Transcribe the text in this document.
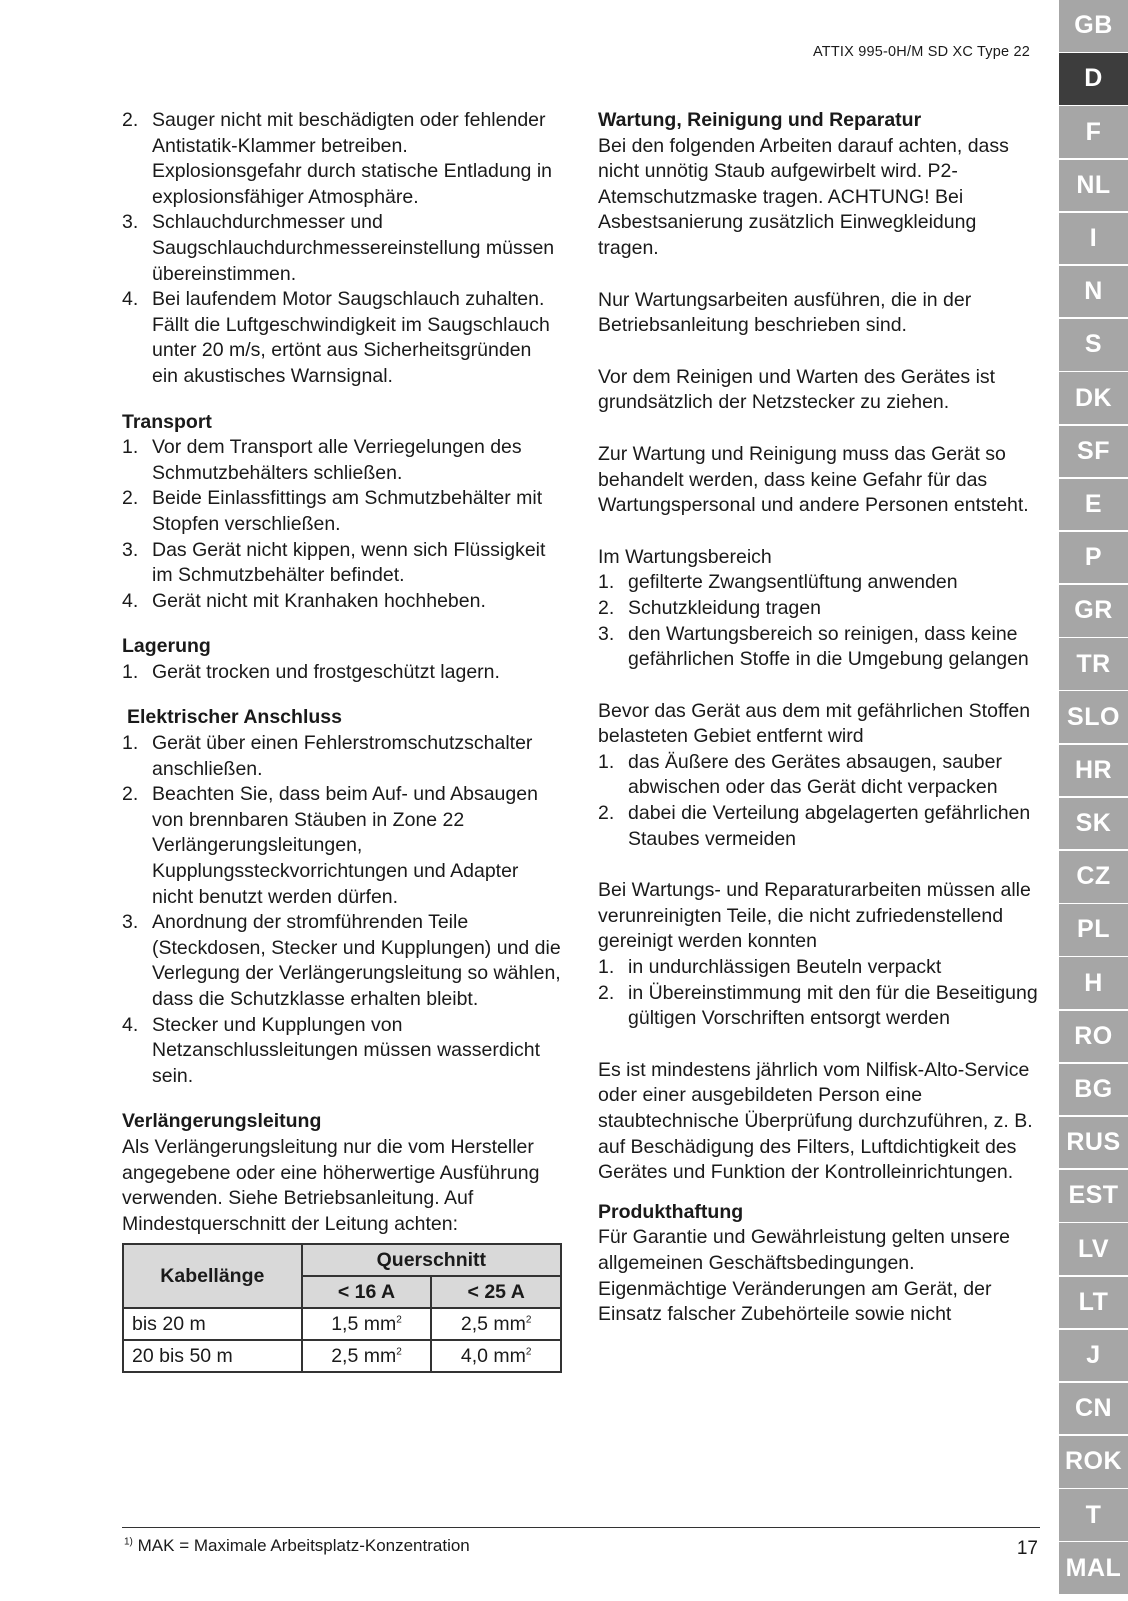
ATTIX 995-0H/M SD XC Type 22
2. Sauger nicht mit beschädigten oder fehlender Antistatik-Klammer betreiben. Explosionsgefahr durch statische Entladung in explosionsfähiger Atmosphäre.
3. Schlauchdurchmesser und Saugschlauchdurchmessereinstellung müssen übereinstimmen.
4. Bei laufendem Motor Saugschlauch zuhalten. Fällt die Luftgeschwindigkeit im Saugschlauch unter 20 m/s, ertönt aus Sicherheitsgründen ein akustisches Warnsignal.

Transport

1. Vor dem Transport alle Verriegelungen des Schmutzbehälters schließen.
2. Beide Einlassfittings am Schmutzbehälter mit Stopfen verschließen.
3. Das Gerät nicht kippen, wenn sich Flüssigkeit im Schmutzbehälter befindet.
4. Gerät nicht mit Kranhaken hochheben.

Lagerung

1. Gerät trocken und frostgeschützt lagern.

Elektrischer Anschluss

1. Gerät über einen Fehlerstromschutzschalter anschließen.
2. Beachten Sie, dass beim Auf- und Absaugen von brennbaren Stäuben in Zone 22 Verlängerungsleitungen, Kupplungssteckvorrichtungen und Adapter nicht benutzt werden dürfen.
3. Anordnung der stromführenden Teile (Steckdosen, Stecker und Kupplungen) und die Verlegung der Verlängerungsleitung so wählen, dass die Schutzklasse erhalten bleibt.
4. Stecker und Kupplungen von Netzanschlussleitungen müssen wasserdicht sein.

Verlängerungsleitung

Als Verlängerungsleitung nur die vom Hersteller angegebene oder eine höherwertige Ausführung verwenden. Siehe Betriebsanleitung. Auf Mindestquerschnitt der Leitung achten:

Kabellänge	Querschnitt	
	< 16 A	< 25 A
bis 20 m	1,5 $mm^2$	2,5 $mm^2$
20 bis 50 m	2,5 $mm^2$	4,0 $mm^2$

Wartung, Reinigung und Reparatur

Bei den folgenden Arbeiten darauf achten, dass nicht unnötig Staub aufgewirbelt wird. P2-Atemschutzmaske tragen. ACHTUNG! Bei Asbestsanierung zusätzlich Einwegkleidung tragen.

Nur Wartungsarbeiten ausführen, die in der Betriebsanleitung beschrieben sind.

Vor dem Reinigen und Warten des Gerätes ist grundsätzlich der Netzstecker zu ziehen.

Zur Wartung und Reinigung muss das Gerät so behandelt werden, dass keine Gefahr für das Wartungspersonal und andere Personen entsteht.

Im Wartungsbereich

1. gefilterte Zwangsentlüftung anwenden
2. Schutzkleidung tragen
3. den Wartungsbereich so reinigen, dass keine gefährlichen Stoffe in die Umgebung gelangen

Bevor das Gerät aus dem mit gefährlichen Stoffen belasteten Gebiet entfernt wird

1. das Äußere des Gerätes absaugen, sauber abwischen oder das Gerät dicht verpacken
2. dabei die Verteilung abgelagerten gefährlichen Staubes vermeiden

Bei Wartungs- und Reparaturarbeiten müssen alle verunreinigten Teile, die nicht zufriedenstellend gereinigt werden konnten

1. in undurchlässigen Beuteln verpackt
2. in Übereinstimmung mit den für die Beseitigung gültigen Vorschriften entsorgt werden

Es ist mindestens jährlich vom Nilfisk-Alto-Service oder einer ausgebildeten Person eine staubtechnische Überprüfung durchzuführen, z. B. auf Beschädigung des Filters, Luftdichtigkeit des Gerätes und Funktion der Kontrolleinrichtungen.

Produkthaftung

Für Garantie und Gewährleistung gelten unsere allgemeinen Geschäftsbedingungen. Eigenmächtige Veränderungen am Gerät, der Einsatz falscher Zubehörteile sowie nicht

$^{1)}$ MAK = Maximale Arbeitsplatz-Konzentration	17
GB
D
F
NL
I
N
S
DK
SF
E
P
GR
TR
SLO
HR
SK
CZ
PL
H
RO
BG
RUS
EST
LV
LT
J
CN
ROK
T
MAL
